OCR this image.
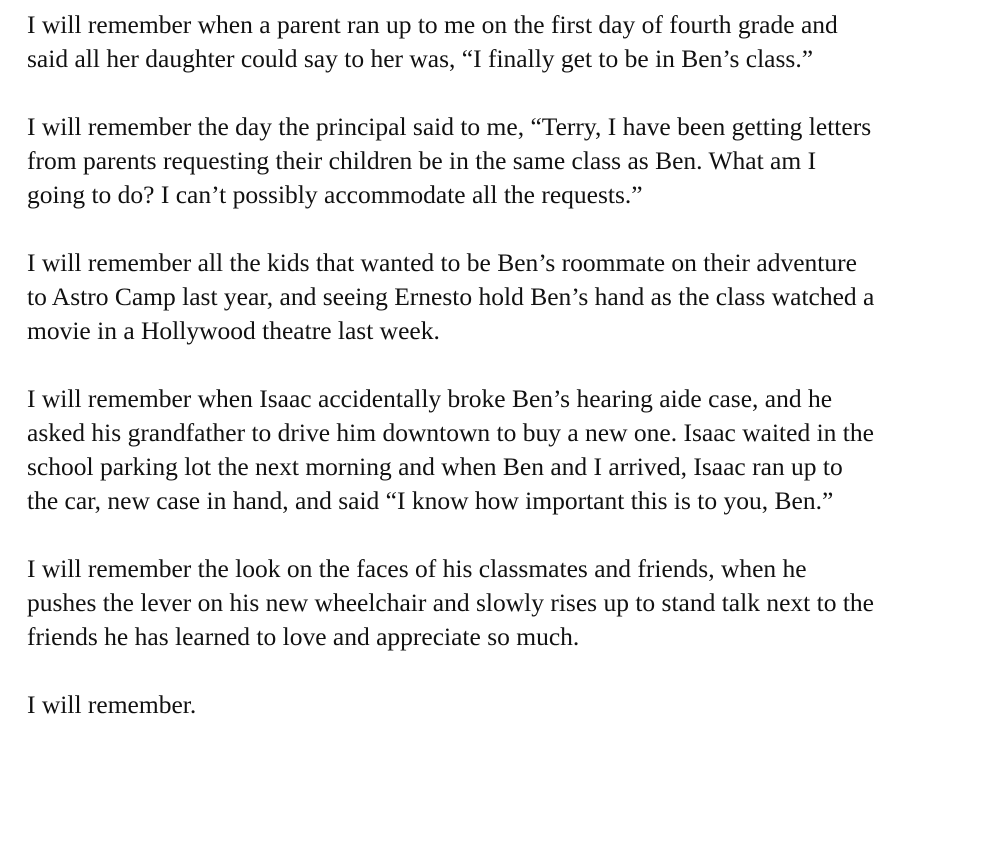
I will remember when a parent ran up to me on the first day of fourth grade and
said all her daughter could say to her was, “I finally get to be in Ben’s class.”

I will remember the day the principal said to me, “Terry, I have been getting letters
from parents requesting their children be in the same class as Ben. What am I
going to do? I can’t possibly accommodate all the requests.”

I will remember all the kids that wanted to be Ben’s roommate on their adventure
to Astro Camp last year, and seeing Ernesto hold Ben’s hand as the class watched a
movie in a Hollywood theatre last week.

I will remember when Isaac accidentally broke Ben’s hearing aide case, and he
asked his grandfather to drive him downtown to buy a new one. Isaac waited in the
school parking lot the next morning and when Ben and I arrived, Isaac ran up to
the car, new case in hand, and said “I know how important this is to you, Ben.”

I will remember the look on the faces of his classmates and friends, when he
pushes the lever on his new wheelchair and slowly rises up to stand talk next to the
friends he has learned to love and appreciate so much.

I will remember.
